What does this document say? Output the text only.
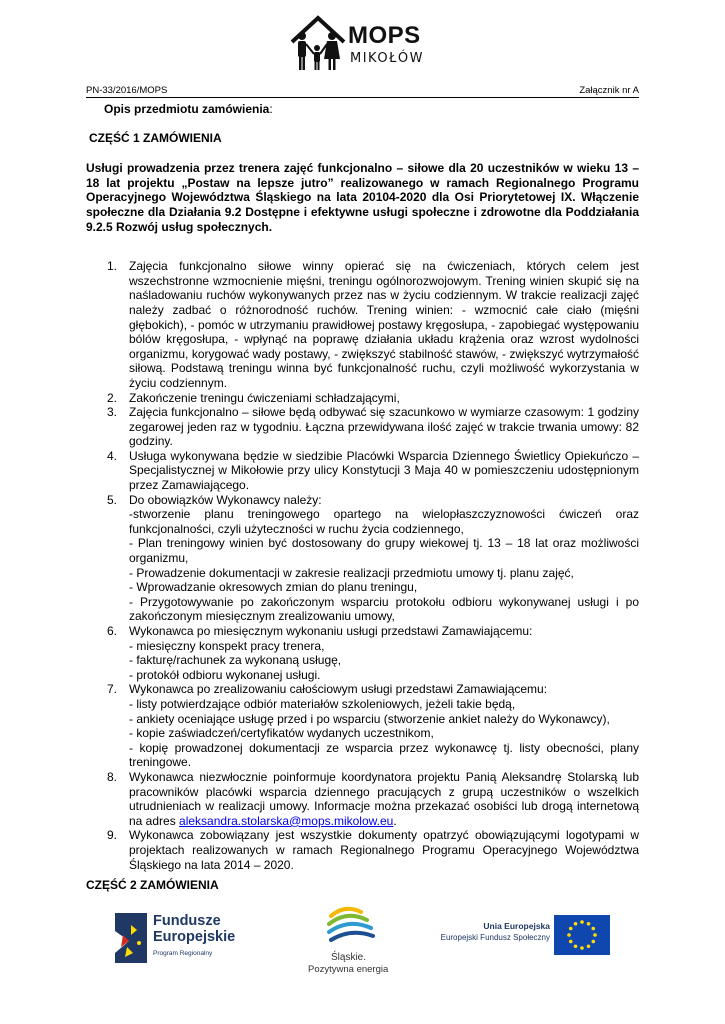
MOPS
MIKOŁÓW
PN-33/2016/MOPS	Załącznik nr A
Opis przedmiotu zamówienia:
CZĘŚĆ 1 ZAMÓWIENIA
Usługi prowadzenia przez trenera zajęć funkcjonalno – siłowe dla 20 uczestników w wieku 13 – 18 lat projektu „Postaw na lepsze jutro” realizowanego w ramach Regionalnego Programu Operacyjnego Województwa Śląskiego na lata 20104-2020 dla Osi Priorytetowej IX. Włączenie społeczne dla Działania 9.2 Dostępne i efektywne usługi społeczne i zdrowotne dla Poddziałania 9.2.5 Rozwój usług społecznych.
1. Zajęcia funkcjonalno siłowe winny opierać się na ćwiczeniach, których celem jest wszechstronne wzmocnienie mięśni, treningu ogólnorozwojowym. Trening winien skupić się na naśladowaniu ruchów wykonywanych przez nas w życiu codziennym. W trakcie realizacji zajęć należy zadbać o różnorodność ruchów. Trening winien: - wzmocnić całe ciało (mięśni głębokich), - pomóc w utrzymaniu prawidłowej postawy kręgosłupa, - zapobiegać występowaniu bólów kręgosłupa, - wpłynąć na poprawę działania układu krążenia oraz wzrost wydolności organizmu, korygować wady postawy, - zwiększyć stabilność stawów, - zwiększyć wytrzymałość siłową. Podstawą treningu winna być funkcjonalność ruchu, czyli możliwość wykorzystania w życiu codziennym.
2. Zakończenie treningu ćwiczeniami schładzającymi,
3. Zajęcia funkcjonalno – siłowe będą odbywać się szacunkowo w wymiarze czasowym: 1 godziny zegarowej jeden raz w tygodniu. Łączna przewidywana ilość zajęć w trakcie trwania umowy: 82 godziny.
4. Usługa wykonywana będzie w siedzibie Placówki Wsparcia Dziennego Świetlicy Opiekuńczo – Specjalistycznej w Mikołowie przy ulicy Konstytucji 3 Maja 40 w pomieszczeniu udostępnionym przez Zamawiającego.
5. Do obowiązków Wykonawcy należy:
-stworzenie planu treningowego opartego na wielopłaszczyznowości ćwiczeń oraz funkcjonalności, czyli użyteczności w ruchu życia codziennego,
- Plan treningowy winien być dostosowany do grupy wiekowej tj. 13 – 18 lat oraz możliwości organizmu,
- Prowadzenie dokumentacji w zakresie realizacji przedmiotu umowy tj. planu zajęć,
- Wprowadzanie okresowych zmian do planu treningu,
- Przygotowywanie po zakończonym wsparciu protokołu odbioru wykonywanej usługi i po zakończonym miesięcznym zrealizowaniu umowy,
6. Wykonawca po miesięcznym wykonaniu usługi przedstawi Zamawiającemu:
- miesięczny konspekt pracy trenera,
- fakturę/rachunek za wykonaną usługę,
- protokół odbioru wykonanej usługi.
7. Wykonawca po zrealizowaniu całościowym usługi przedstawi Zamawiającemu:
- listy potwierdzające odbiór materiałów szkoleniowych, jeżeli takie będą,
- ankiety oceniające usługę przed i po wsparciu (stworzenie ankiet należy do Wykonawcy),
- kopie zaświadczeń/certyfikatów wydanych uczestnikom,
- kopię prowadzonej dokumentacji ze wsparcia przez wykonawcę tj. listy obecności, plany treningowe.
8. Wykonawca niezwłocznie poinformuje koordynatora projektu Panią Aleksandrę Stolarską lub pracowników placówki wsparcia dziennego pracujących z grupą uczestników o wszelkich utrudnieniach w realizacji umowy. Informacje można przekazać osobiści lub drogą internetową na adres aleksandra.stolarska@mops.mikolow.eu.
9. Wykonawca zobowiązany jest wszystkie dokumenty opatrzyć obowiązującymi logotypami w projektach realizowanych w ramach Regionalnego Programu Operacyjnego Województwa Śląskiego na lata 2014 – 2020.
CZĘŚĆ 2 ZAMÓWIENIA
Fundusze
Europejskie
Program Regionalny	Śląskie.
Pozytywna energia
Unia Europejska
Europejski Fundusz Społeczny
